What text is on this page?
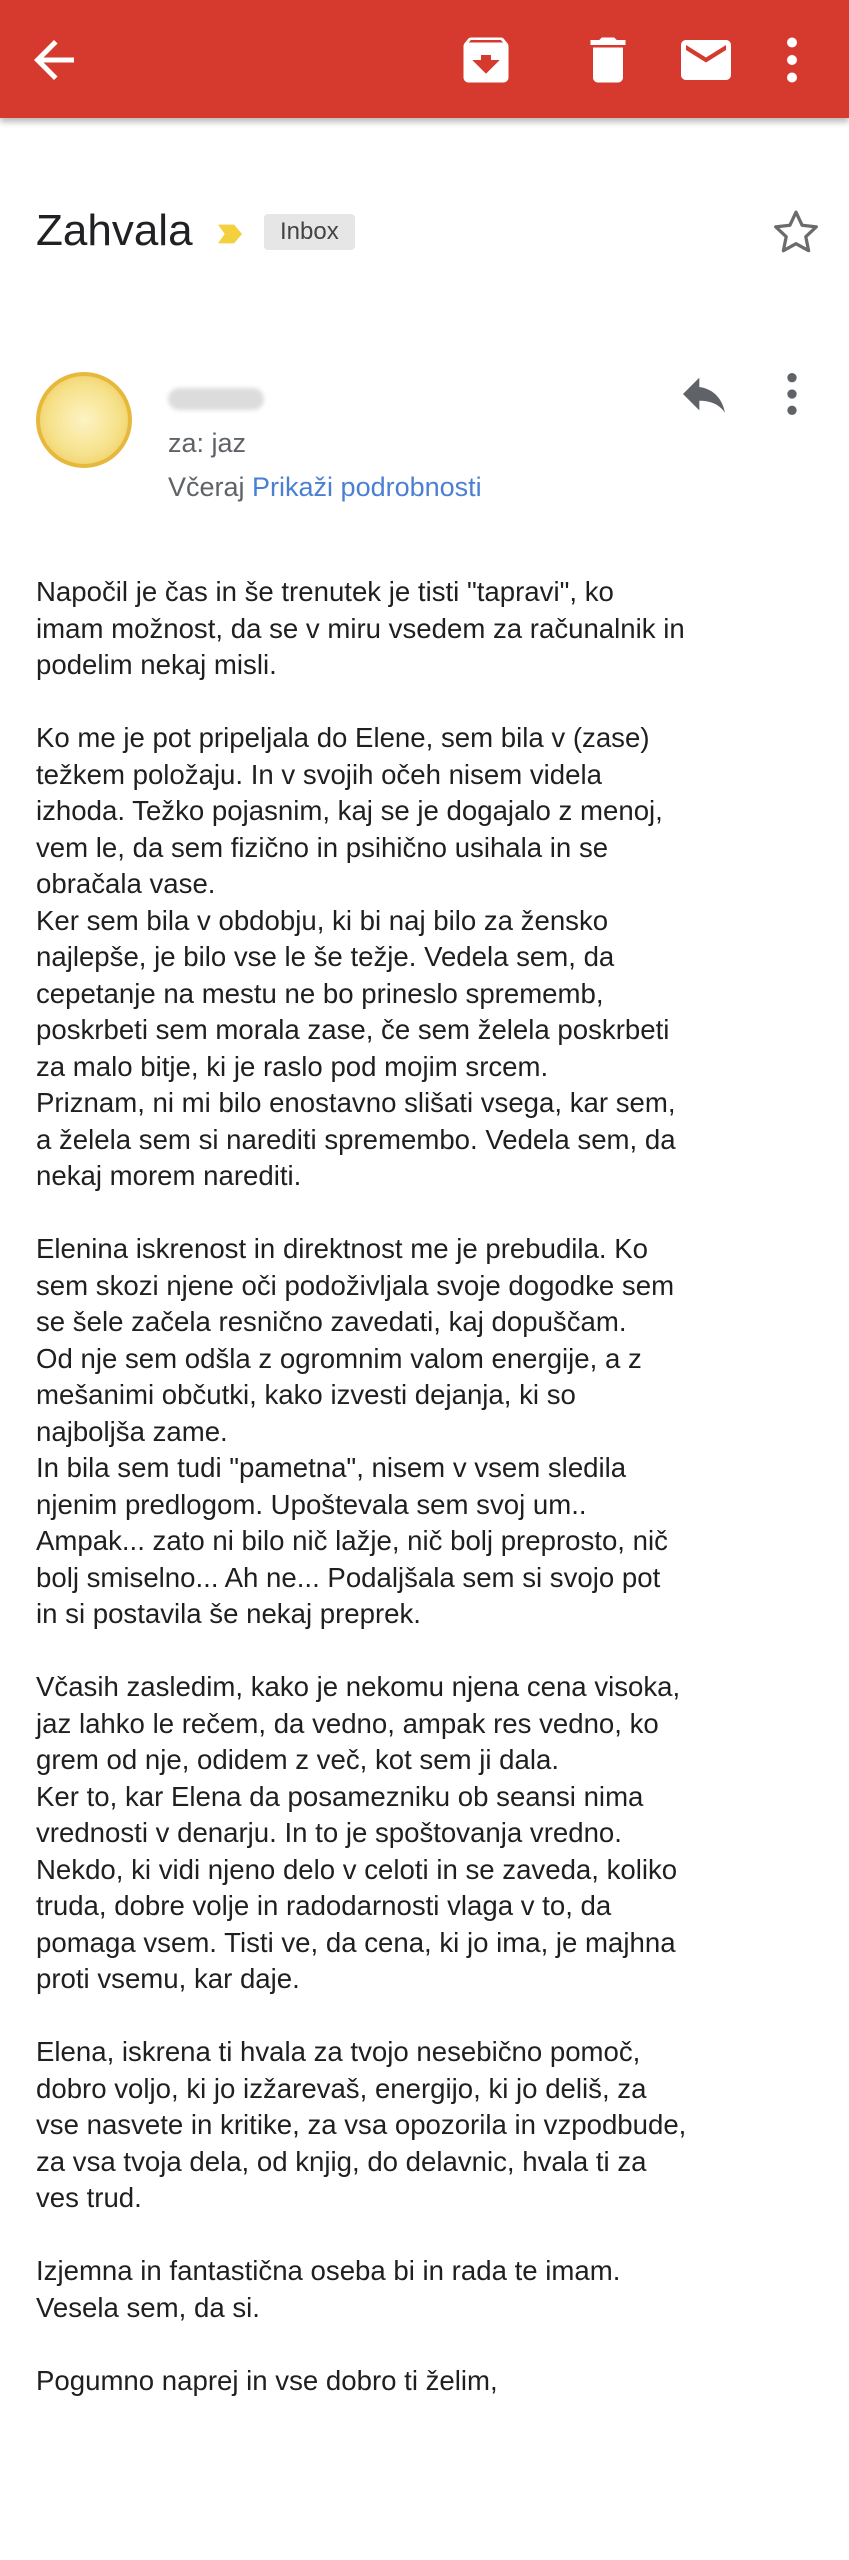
Zahvala	Inbox
za: jaz
Včeraj Prikaži podrobnosti

Napočil je čas in še trenutek je tisti "tapravi", ko
imam možnost, da se v miru vsedem za računalnik in
podelim nekaj misli.

Ko me je pot pripeljala do Elene, sem bila v (zase)
težkem položaju. In v svojih očeh nisem videla
izhoda. Težko pojasnim, kaj se je dogajalo z menoj,
vem le, da sem fizično in psihično usihala in se
obračala vase.
Ker sem bila v obdobju, ki bi naj bilo za žensko
najlepše, je bilo vse le še težje. Vedela sem, da
cepetanje na mestu ne bo prineslo sprememb,
poskrbeti sem morala zase, če sem želela poskrbeti
za malo bitje, ki je raslo pod mojim srcem.
Priznam, ni mi bilo enostavno slišati vsega, kar sem,
a želela sem si narediti spremembo. Vedela sem, da
nekaj morem narediti.

Elenina iskrenost in direktnost me je prebudila. Ko
sem skozi njene oči podoživljala svoje dogodke sem
se šele začela resnično zavedati, kaj dopuščam.
Od nje sem odšla z ogromnim valom energije, a z
mešanimi občutki, kako izvesti dejanja, ki so
najboljša zame.
In bila sem tudi "pametna", nisem v vsem sledila
njenim predlogom. Upoštevala sem svoj um..
Ampak... zato ni bilo nič lažje, nič bolj preprosto, nič
bolj smiselno... Ah ne... Podaljšala sem si svojo pot
in si postavila še nekaj preprek.

Včasih zasledim, kako je nekomu njena cena visoka,
jaz lahko le rečem, da vedno, ampak res vedno, ko
grem od nje, odidem z več, kot sem ji dala.
Ker to, kar Elena da posamezniku ob seansi nima
vrednosti v denarju. In to je spoštovanja vredno.
Nekdo, ki vidi njeno delo v celoti in se zaveda, koliko
truda, dobre volje in radodarnosti vlaga v to, da
pomaga vsem. Tisti ve, da cena, ki jo ima, je majhna
proti vsemu, kar daje.

Elena, iskrena ti hvala za tvojo nesebično pomoč,
dobro voljo, ki jo izžarevaš, energijo, ki jo deliš, za
vse nasvete in kritike, za vsa opozorila in vzpodbude,
za vsa tvoja dela, od knjig, do delavnic, hvala ti za
ves trud.

Izjemna in fantastična oseba bi in rada te imam.
Vesela sem, da si.

Pogumno naprej in vse dobro ti želim,
